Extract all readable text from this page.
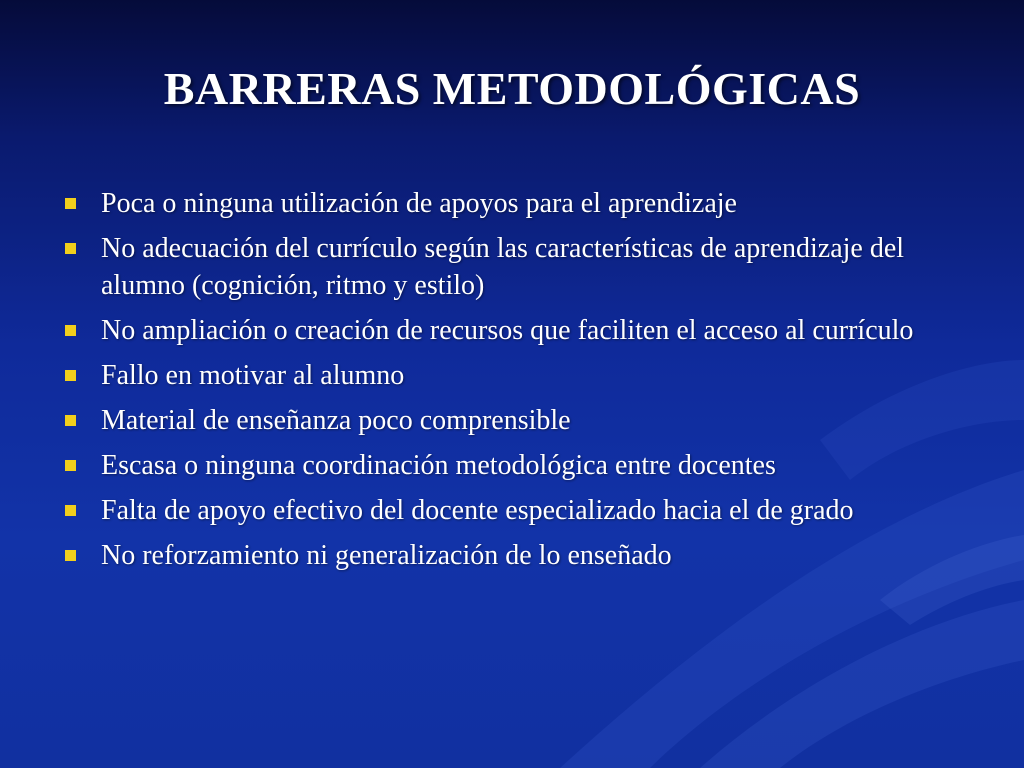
BARRERAS METODOLÓGICAS
Poca o ninguna utilización de apoyos para el aprendizaje
No adecuación del currículo según las características de aprendizaje del alumno (cognición, ritmo y estilo)
No ampliación o creación de recursos que faciliten el acceso al currículo
Fallo en motivar al alumno
Material de enseñanza poco comprensible
Escasa o ninguna coordinación metodológica entre docentes
Falta de apoyo efectivo del docente especializado hacia el de grado
No reforzamiento ni generalización de lo enseñado
